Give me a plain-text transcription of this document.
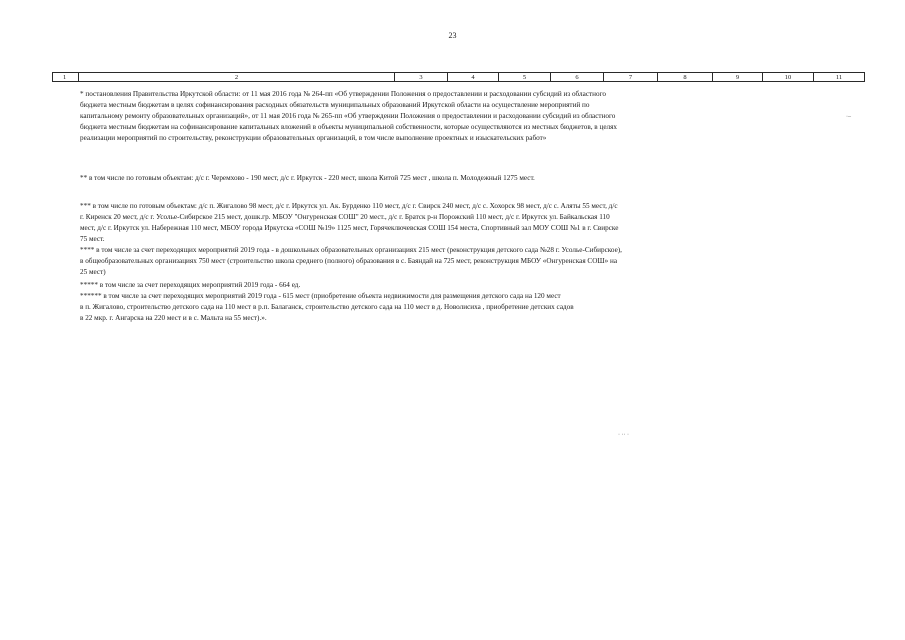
23
1	2	3	4	5	6	7	8	9	10	11
* постановления Правительства Иркутской области: от 11 мая 2016 года № 264-пп «Об утверждении Положения о предоставлении и расходовании субсидий из областного
бюджета местным бюджетам в целях софинансирования расходных обязательств муниципальных образований Иркутской области на осуществление мероприятий по
капитальному ремонту образовательных организаций», от 11 мая 2016 года № 265-пп «Об утверждении Положения о предоставлении и расходовании субсидий из областного
бюджета местным бюджетам на софинансирование капитальных вложений в объекты муниципальной собственности, которые осуществляются из местных бюджетов, в целях
реализации мероприятий по строительству, реконструкции образовательных организаций, в том числе выполнение проектных и изыскательских работ»
** в том числе по готовым объектам: д/с г. Черемхово - 190 мест, д/с г. Иркутск - 220 мест, школа Китой 725 мест , школа п. Молодежный 1275 мест.
*** в том числе по готовым объектам: д/с п. Жигалово 98 мест, д/с г. Иркутск ул. Ак. Бурденко 110 мест, д/с г. Свирск 240 мест, д/с с. Хохорск 98 мест, д/с с. Аляты 55 мест, д/с
г. Киренск 20 мест, д/с г. Усолье-Сибирское 215 мест, дошк.гр. МБОУ "Онгуренская СОШ" 20 мест., д/с г. Братск р-н Порожский 110 мест, д/с г. Иркутск ул. Байкальская 110
мест, д/с г. Иркутск ул. Набережная 110 мест, МБОУ города Иркутска «СОШ №19» 1125 мест, Горячеключевская СОШ 154 места, Спортивный зал МОУ СОШ №1 в г. Свирске
75 мест.
**** в том числе за счет переходящих мероприятий 2019 года - в дошкольных образовательных организациях 215 мест (реконструкция детского сада №28 г. Усолье-Сибирское),
в общеобразовательных организациях 750 мест (строительство школа среднего (полного) образования в с. Баяндай на 725 мест, реконструкция МБОУ «Онгуренская СОШ» на
25 мест)
***** в том числе за счет переходящих мероприятий 2019 года - 664 ед.
****** в том числе за счет переходящих мероприятий 2019 года - 615 мест (приобретение объекта недвижимости для размещения детского сада на 120 мест
в п. Жигалово, строительство детского сада на 110 мест в р.п. Балаганск, строительство детского сада на 110 мест в д. Новолисиха , приобретение детских садов
в 22 мкр. г. Ангарска на 220 мест и в с. Мальта на 55 мест).».
·–
· ·· ·
